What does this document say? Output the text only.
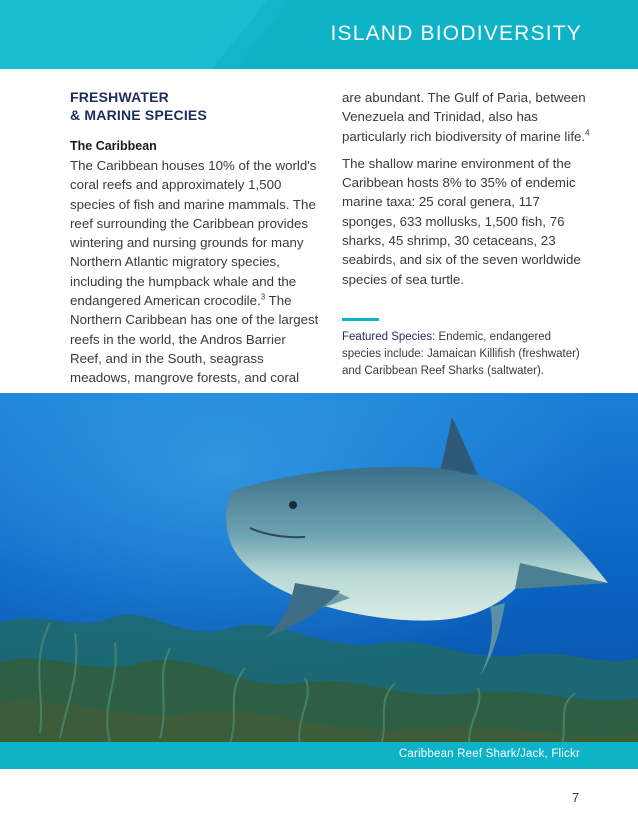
ISLAND BIODIVERSITY
FRESHWATER
& MARINE SPECIES
The Caribbean

The Caribbean houses 10% of the world's coral reefs and approximately 1,500 species of fish and marine mammals. The reef surrounding the Caribbean provides wintering and nursing grounds for many Northern Atlantic migratory species, including the humpback whale and the endangered American crocodile.$^3$ The Northern Caribbean has one of the largest reefs in the world, the Andros Barrier Reef, and in the South, seagrass meadows, mangrove forests, and coral

are abundant. The Gulf of Paria, between Venezuela and Trinidad, also has particularly rich biodiversity of marine life.$^4$

The shallow marine environment of the Caribbean hosts 8% to 35% of endemic marine taxa: 25 coral genera, 117 sponges, 633 mollusks, 1,500 fish, 76 sharks, 45 shrimp, 30 cetaceans, 23 seabirds, and six of the seven worldwide species of sea turtle.

Featured Species: Endemic, endangered species include: Jamaican Killifish (freshwater) and Caribbean Reef Sharks (saltwater).

Caribbean Reef Shark/Jack, Flickr
7
